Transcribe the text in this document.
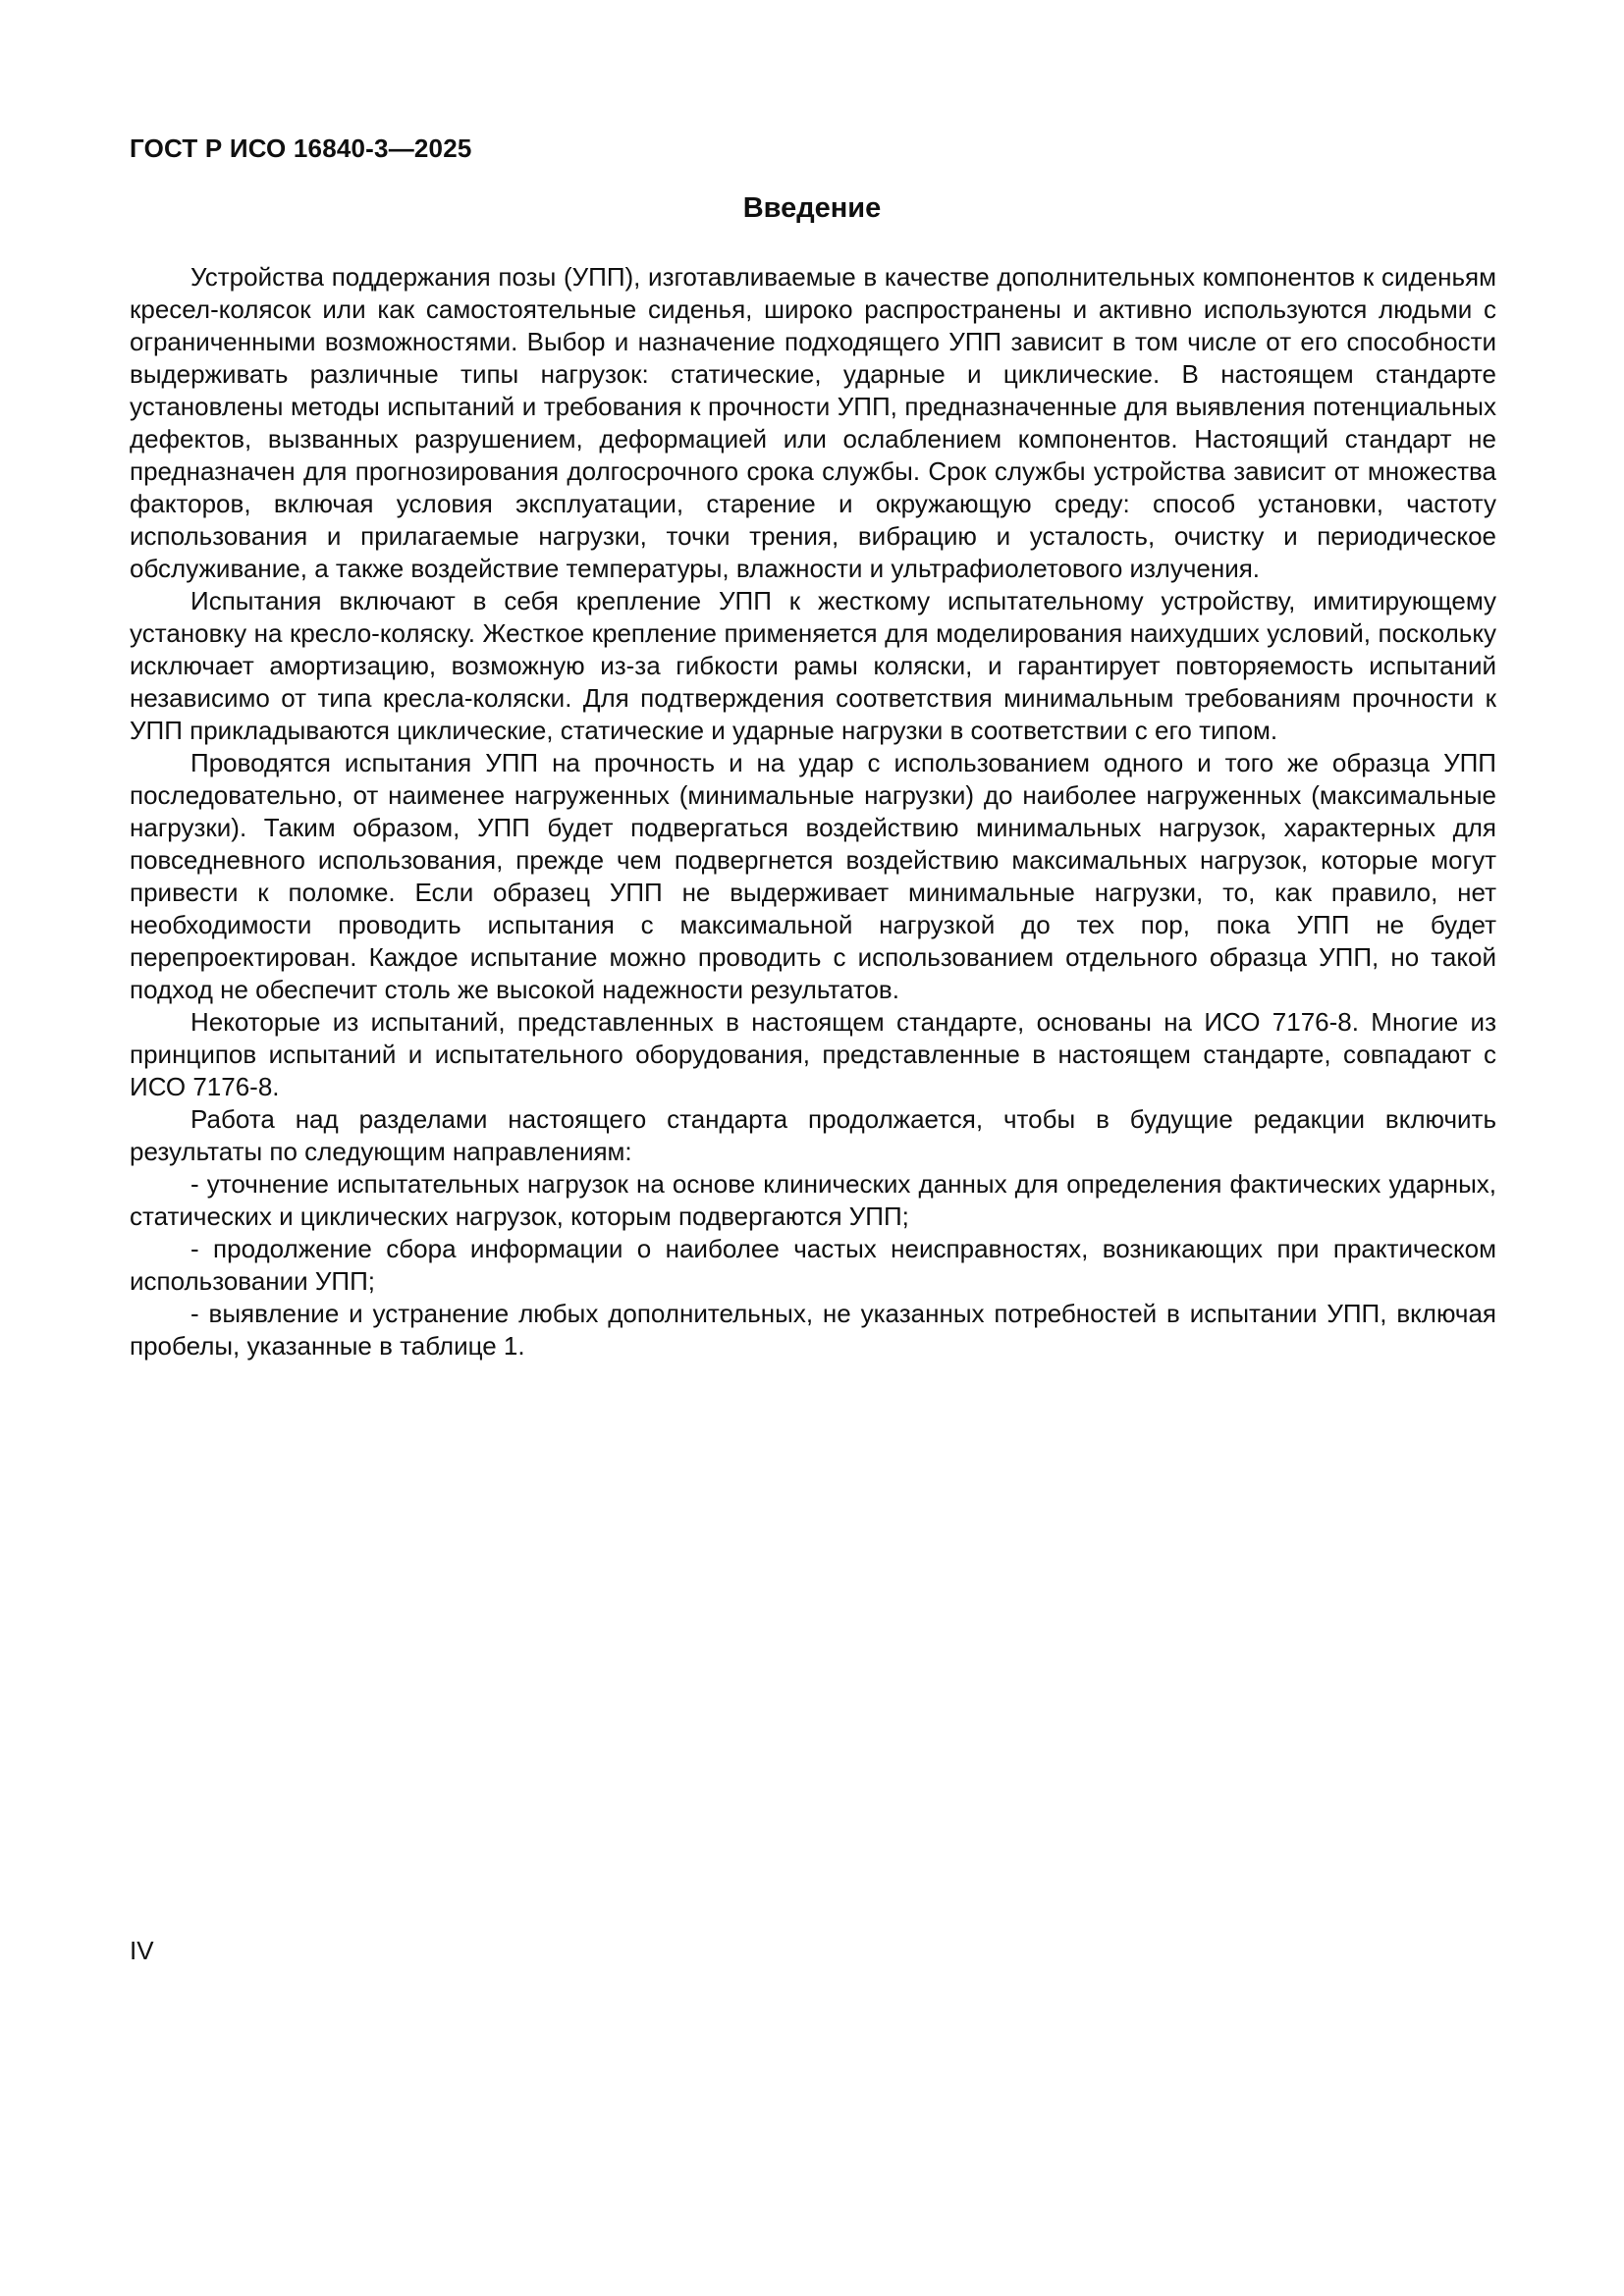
ГОСТ Р ИСО 16840-3—2025
Введение

Устройства поддержания позы (УПП), изготавливаемые в качестве дополнительных компонентов к сиденьям кресел-колясок или как самостоятельные сиденья, широко распространены и активно используются людьми с ограниченными возможностями. Выбор и назначение подходящего УПП зависит в том числе от его способности выдерживать различные типы нагрузок: статические, ударные и циклические. В настоящем стандарте установлены методы испытаний и требования к прочности УПП, предназначенные для выявления потенциальных дефектов, вызванных разрушением, деформацией или ослаблением компонентов. Настоящий стандарт не предназначен для прогнозирования долгосрочного срока службы. Срок службы устройства зависит от множества факторов, включая условия эксплуатации, старение и окружающую среду: способ установки, частоту использования и прилагаемые нагрузки, точки трения, вибрацию и усталость, очистку и периодическое обслуживание, а также воздействие температуры, влажности и ультрафиолетового излучения.

Испытания включают в себя крепление УПП к жесткому испытательному устройству, имитирующему установку на кресло-коляску. Жесткое крепление применяется для моделирования наихудших условий, поскольку исключает амортизацию, возможную из-за гибкости рамы коляски, и гарантирует повторяемость испытаний независимо от типа кресла-коляски. Для подтверждения соответствия минимальным требованиям прочности к УПП прикладываются циклические, статические и ударные нагрузки в соответствии с его типом.

Проводятся испытания УПП на прочность и на удар с использованием одного и того же образца УПП последовательно, от наименее нагруженных (минимальные нагрузки) до наиболее нагруженных (максимальные нагрузки). Таким образом, УПП будет подвергаться воздействию минимальных нагрузок, характерных для повседневного использования, прежде чем подвергнется воздействию максимальных нагрузок, которые могут привести к поломке. Если образец УПП не выдерживает минимальные нагрузки, то, как правило, нет необходимости проводить испытания с максимальной нагрузкой до тех пор, пока УПП не будет перепроектирован. Каждое испытание можно проводить с использованием отдельного образца УПП, но такой подход не обеспечит столь же высокой надежности результатов.

Некоторые из испытаний, представленных в настоящем стандарте, основаны на ИСО 7176-8. Многие из принципов испытаний и испытательного оборудования, представленные в настоящем стандарте, совпадают с ИСО 7176-8.

Работа над разделами настоящего стандарта продолжается, чтобы в будущие редакции включить результаты по следующим направлениям:

- уточнение испытательных нагрузок на основе клинических данных для определения фактических ударных, статических и циклических нагрузок, которым подвергаются УПП;

- продолжение сбора информации о наиболее частых неисправностях, возникающих при практическом использовании УПП;

- выявление и устранение любых дополнительных, не указанных потребностей в испытании УПП, включая пробелы, указанные в таблице 1.

IV
